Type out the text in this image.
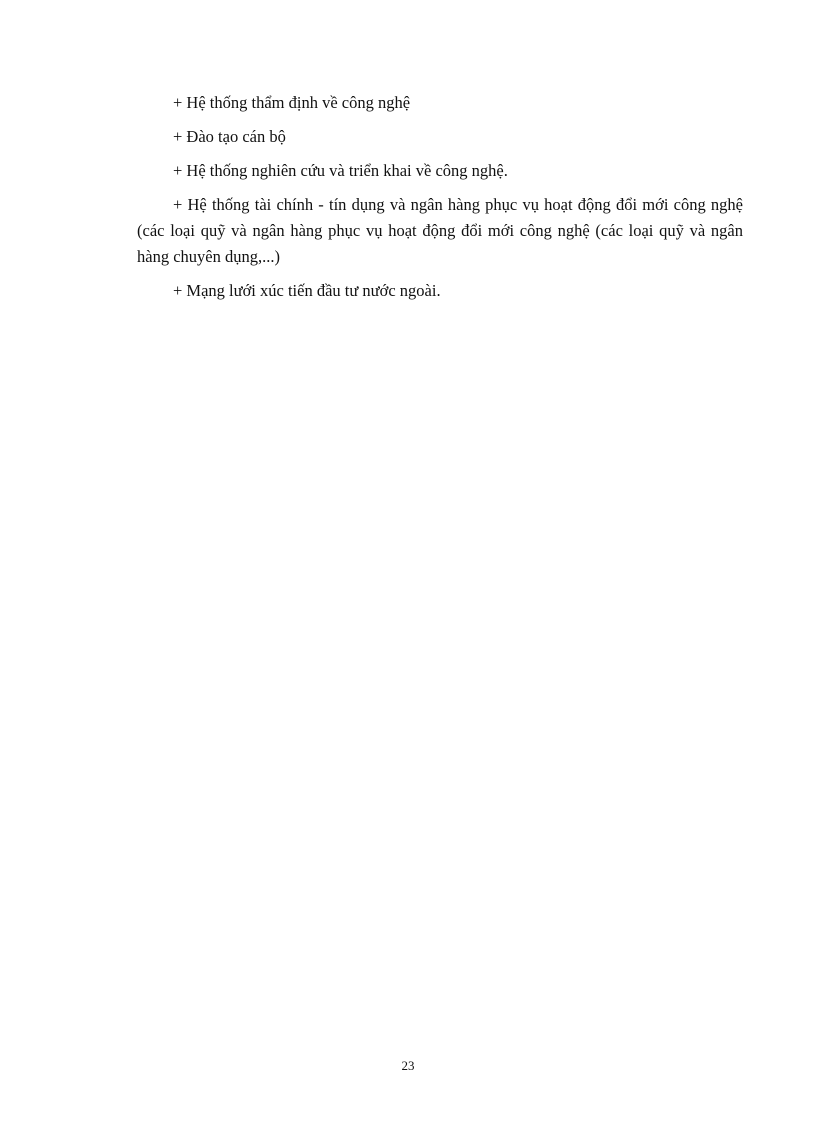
+ Hệ thống thẩm định về công nghệ

+ Đào tạo cán bộ

+ Hệ thống nghiên cứu và triển khai về công nghệ.

+ Hệ thống tài chính - tín dụng và ngân hàng phục vụ hoạt động đổi mới công nghệ (các loại quỹ và ngân hàng phục vụ hoạt động đổi mới công nghệ (các loại quỹ và ngân hàng chuyên dụng,...)

+ Mạng lưới xúc tiến đầu tư nước ngoài.

23
